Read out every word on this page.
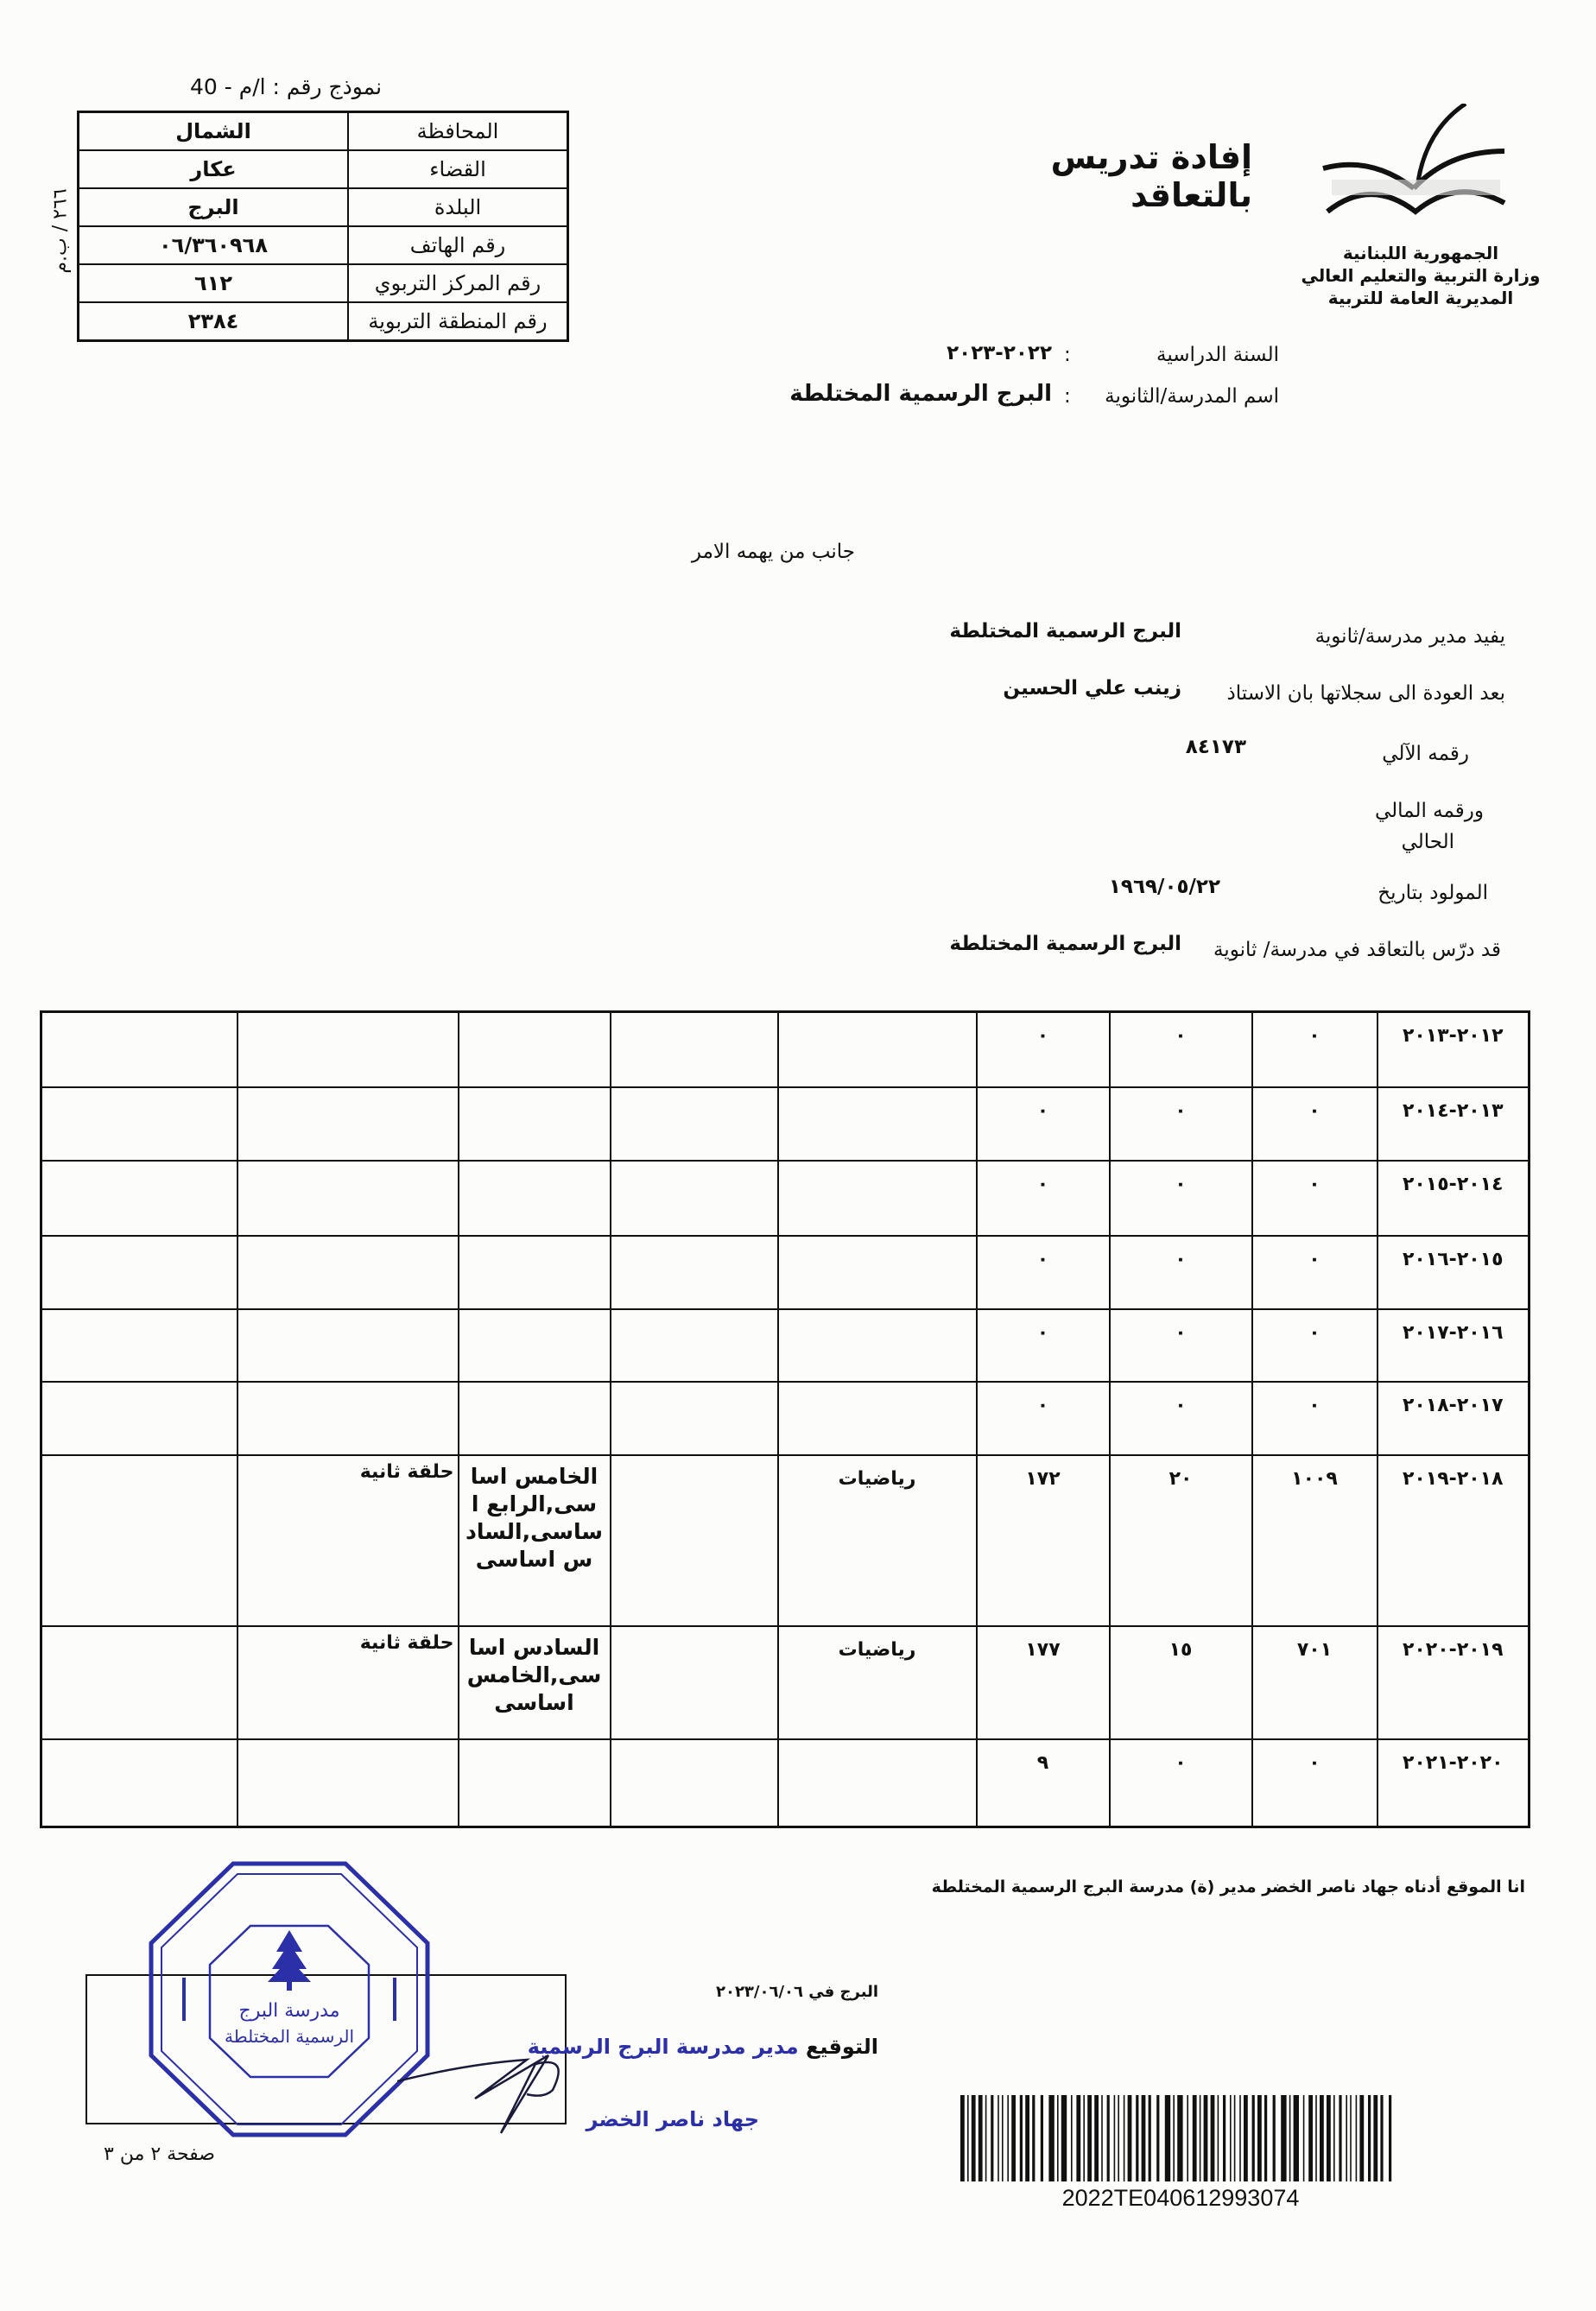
نموذج رقم : ا/م - 40
الشمال	المحافظة
عكار	القضاء
البرج	البلدة
٠٦/٣٦٠٩٦٨	رقم الهاتف
٦١٢	رقم المركز التربوي
٢٣٨٤	رقم المنطقة التربوية
٢٦٦ / ب.م
الجمهورية اللبنانية
وزارة التربية والتعليم العالي
المديرية العامة للتربية
إفادة تدريس بالتعاقد
السنة الدراسية
:
٢٠٢٢-٢٠٢٣
اسم المدرسة/الثانوية
:
البرج الرسمية المختلطة
جانب من يهمه الامر
يفيد مدير مدرسة/ثانوية
البرج الرسمية المختلطة
بعد العودة الى سجلاتها بان الاستاذ
زينب علي الحسين
رقمه الآلي
٨٤١٧٣
ورقمه المالي
الحالي
المولود بتاريخ
١٩٦٩/٠٥/٢٢
قد درّس بالتعاقد في مدرسة/ ثانوية
البرج الرسمية المختلطة
٢٠١٢-٢٠١٣	٠	٠	٠					
٢٠١٣-٢٠١٤	٠	٠	٠					
٢٠١٤-٢٠١٥	٠	٠	٠					
٢٠١٥-٢٠١٦	٠	٠	٠					
٢٠١٦-٢٠١٧	٠	٠	٠					
٢٠١٧-٢٠١٨	٠	٠	٠					
٢٠١٨-٢٠١٩	١٠٠٩	٢٠	١٧٢	رياضيات		الخامس اساسى,الرابع اساسى,السادس اساسى	حلقة ثانية	
٢٠١٩-٢٠٢٠	٧٠١	١٥	١٧٧	رياضيات		السادس اساسى,الخامس اساسى	حلقة ثانية	
٢٠٢٠-٢٠٢١	٠	٠	٩					
انا الموقع أدناه جهاد ناصر الخضر مدير (ة) مدرسة البرج الرسمية المختلطة
مدرسة البرج
الرسمية المختلطة
البرج في ٢٠٢٣/٠٦/٠٦
التوقيع مدير مدرسة البرج الرسمية
جهاد ناصر الخضر
صفحة ٢ من ٣
2022TE040612993074
